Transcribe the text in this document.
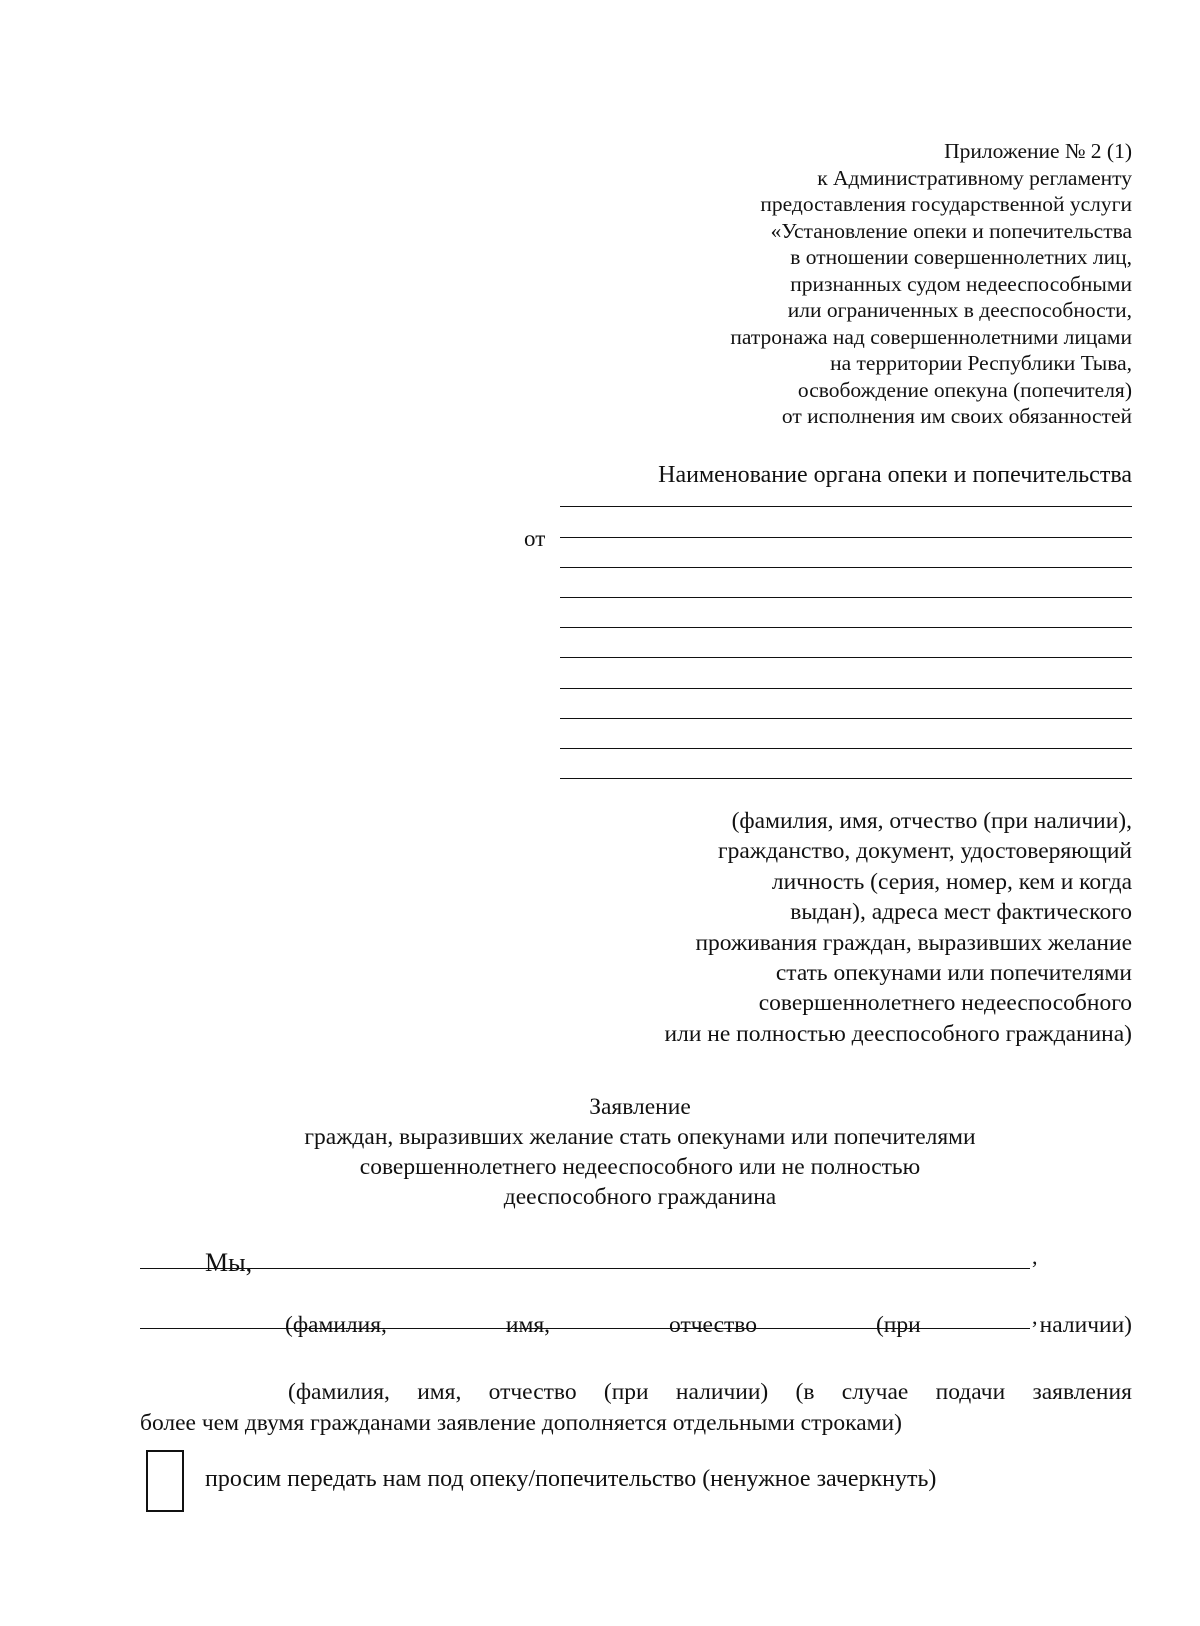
Приложение № 2 (1)
к Административному регламенту
предоставления государственной услуги
«Установление опеки и попечительства
в отношении совершеннолетних лиц,
признанных судом недееспособными
или ограниченных в дееспособности,
патронажа над совершеннолетними лицами
на территории Республики Тыва,
освобождение опекуна (попечителя)
от исполнения им своих обязанностей
Наименование органа опеки и попечительства
от
(фамилия, имя, отчество (при наличии),
гражданство, документ, удостоверяющий
личность (серия, номер, кем и когда
выдан), адреса мест фактического
проживания граждан, выразивших желание
стать опекунами или попечителями
совершеннолетнего недееспособного
или не полностью дееспособного гражданина)
Заявление
граждан, выразивших желание стать опекунами или попечителями
совершеннолетнего недееспособного или не полностью
дееспособного гражданина
Мы,	,
(фамилия,	имя,	отчество	(при	наличии)
,
(фамилия, имя, отчество (при наличии) (в случае подачи заявления
более чем двумя гражданами заявление дополняется отдельными строками)
просим передать нам под опеку/попечительство (ненужное зачеркнуть)
